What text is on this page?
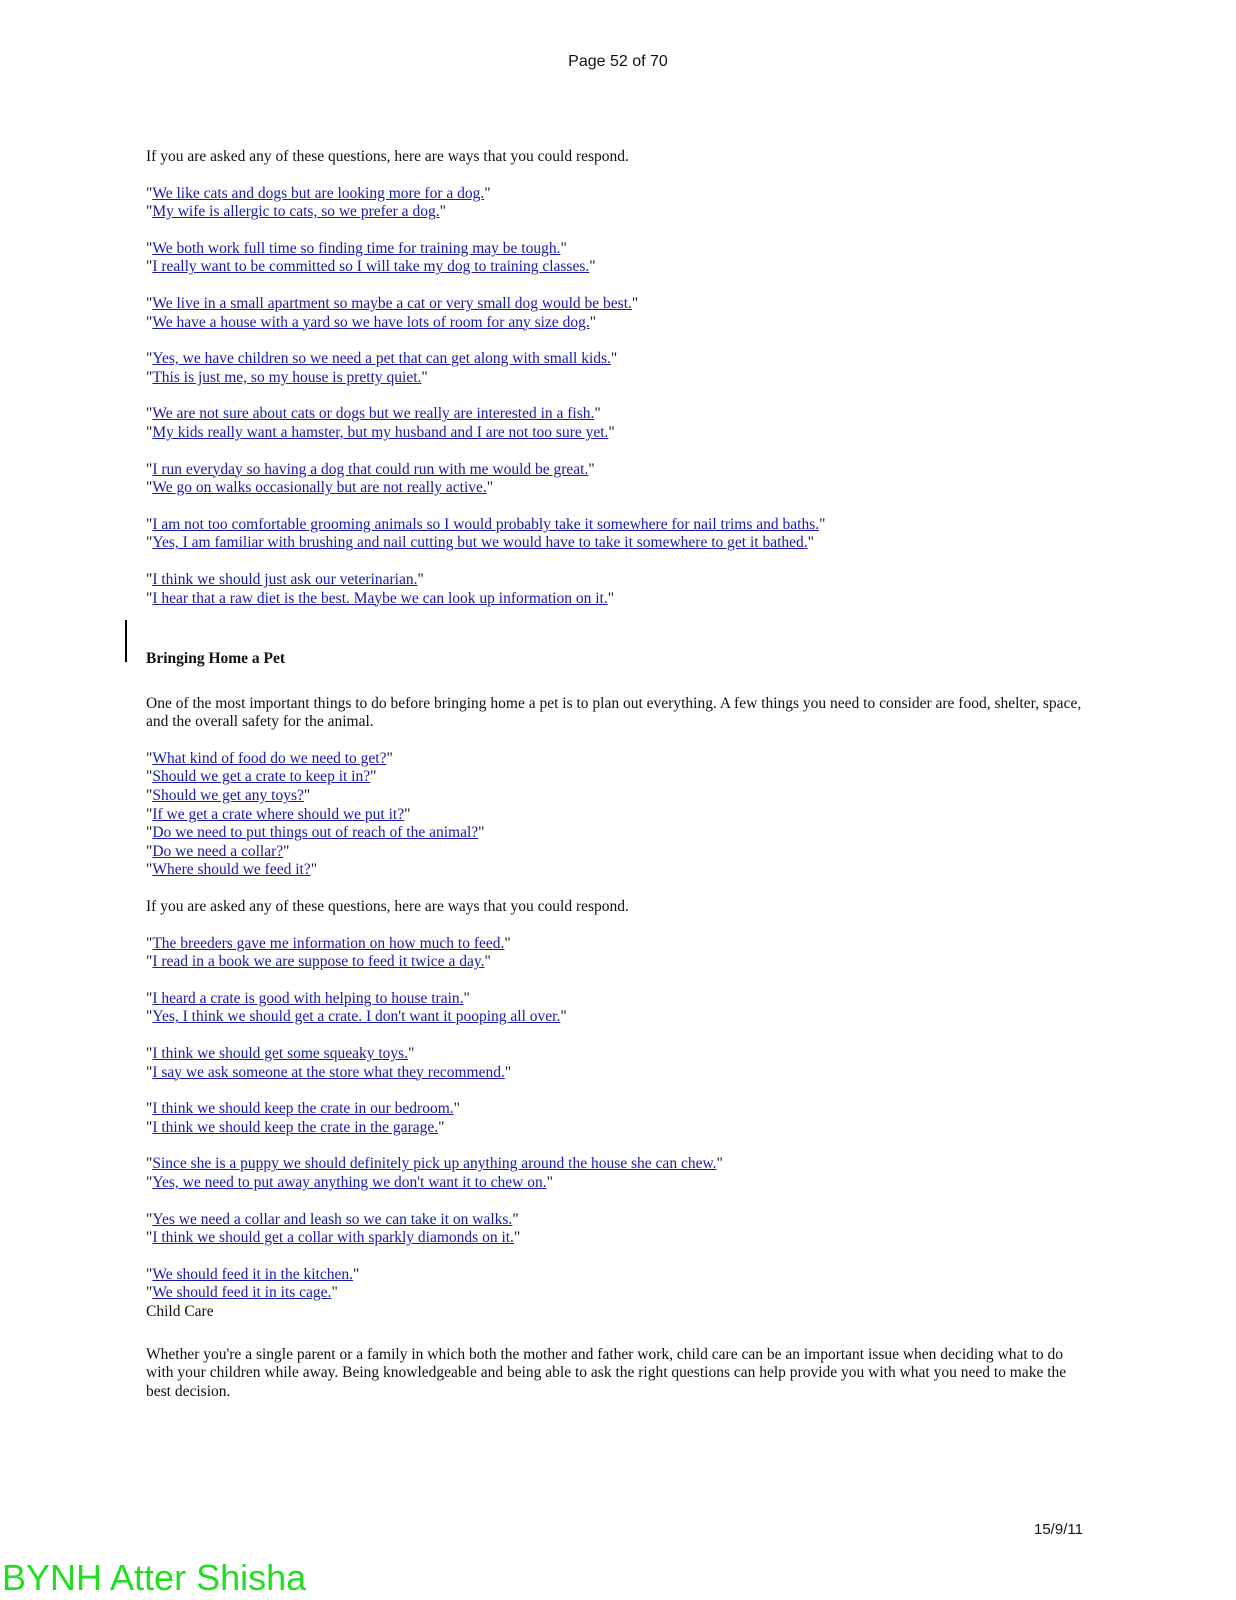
Page 52 of 70

If you are asked any of these questions, here are ways that you could respond.

"We like cats and dogs but are looking more for a dog."

"My wife is allergic to cats, so we prefer a dog."

"We both work full time so finding time for training may be tough."

"I really want to be committed so I will take my dog to training classes."

"We live in a small apartment so maybe a cat or very small dog would be best."

"We have a house with a yard so we have lots of room for any size dog."

"Yes, we have children so we need a pet that can get along with small kids."

"This is just me, so my house is pretty quiet."

"We are not sure about cats or dogs but we really are interested in a fish."

"My kids really want a hamster, but my husband and I are not too sure yet."

"I run everyday so having a dog that could run with me would be great."

"We go on walks occasionally but are not really active."

"I am not too comfortable grooming animals so I would probably take it somewhere for nail trims and baths."

"Yes, I am familiar with brushing and nail cutting but we would have to take it somewhere to get it bathed."

"I think we should just ask our veterinarian."

"I hear that a raw diet is the best. Maybe we can look up information on it."

Bringing Home a Pet

One of the most important things to do before bringing home a pet is to plan out everything. A few things you need to consider are food, shelter, space, and the overall safety for the animal.

"What kind of food do we need to get?"

"Should we get a crate to keep it in?"

"Should we get any toys?"

"If we get a crate where should we put it?"

"Do we need to put things out of reach of the animal?"

"Do we need a collar?"

"Where should we feed it?"

If you are asked any of these questions, here are ways that you could respond.

"The breeders gave me information on how much to feed."

"I read in a book we are suppose to feed it twice a day."

"I heard a crate is good with helping to house train."

"Yes, I think we should get a crate. I don't want it pooping all over."

"I think we should get some squeaky toys."

"I say we ask someone at the store what they recommend."

"I think we should keep the crate in our bedroom."

"I think we should keep the crate in the garage."

"Since she is a puppy we should definitely pick up anything around the house she can chew."

"Yes, we need to put away anything we don't want it to chew on."

"Yes we need a collar and leash so we can take it on walks."

"I think we should get a collar with sparkly diamonds on it."

"We should feed it in the kitchen."

"We should feed it in its cage."

Child Care

Whether you're a single parent or a family in which both the mother and father work, child care can be an important issue when deciding what to do with your children while away. Being knowledgeable and being able to ask the right questions can help provide you with what you need to make the best decision.

15/9/11
BYNH Atter Shisha
